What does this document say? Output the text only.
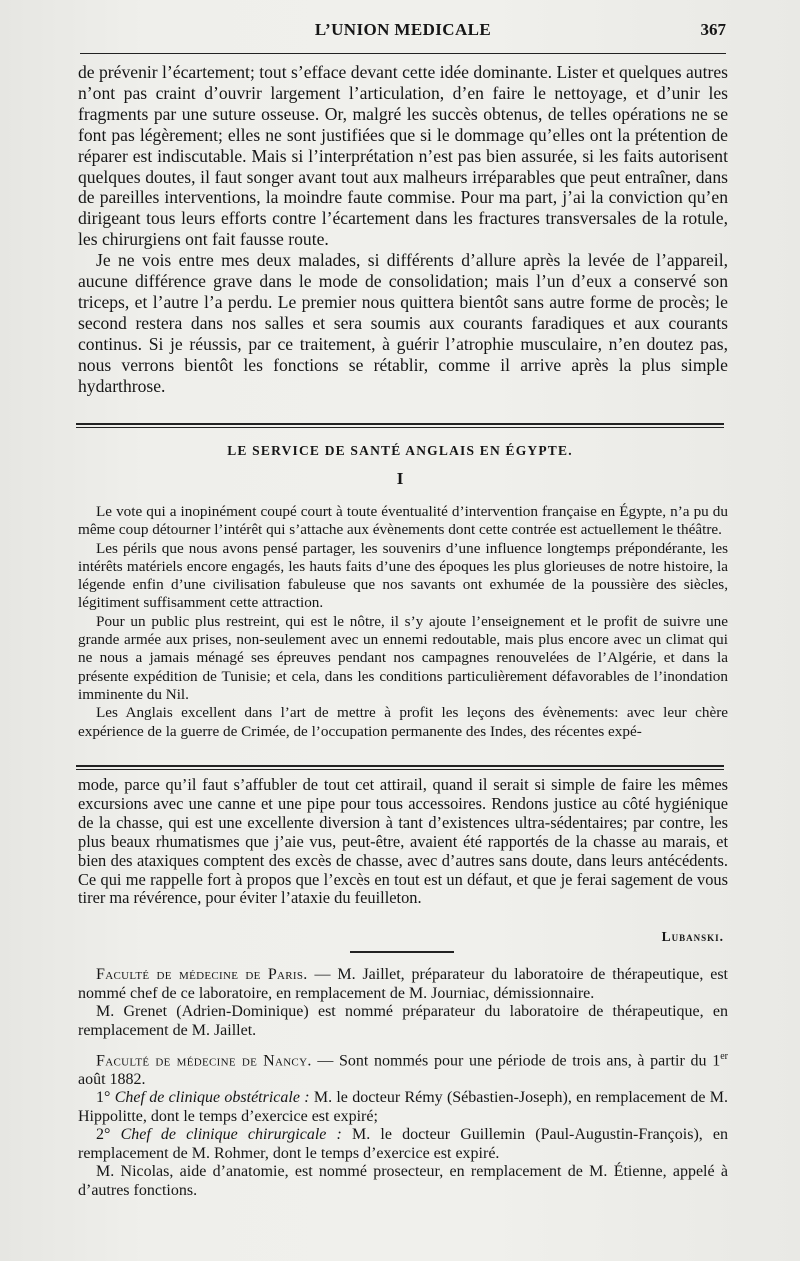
L’UNION MEDICALE	367

de prévenir l’écartement; tout s’efface devant cette idée dominante. Lister et quelques autres n’ont pas craint d’ouvrir largement l’articulation, d’en faire le nettoyage, et d’unir les fragments par une suture osseuse. Or, malgré les succès obtenus, de telles opérations ne se font pas légèrement; elles ne sont justifiées que si le dommage qu’elles ont la prétention de réparer est indiscutable. Mais si l’interprétation n’est pas bien assurée, si les faits autorisent quelques doutes, il faut songer avant tout aux malheurs irréparables que peut entraîner, dans de pareilles interventions, la moindre faute commise. Pour ma part, j’ai la conviction qu’en dirigeant tous leurs efforts contre l’écartement dans les fractures transversales de la rotule, les chirurgiens ont fait fausse route.

Je ne vois entre mes deux malades, si différents d’allure après la levée de l’appareil, aucune différence grave dans le mode de consolidation; mais l’un d’eux a conservé son triceps, et l’autre l’a perdu. Le premier nous quittera bientôt sans autre forme de procès; le second restera dans nos salles et sera soumis aux courants faradiques et aux courants continus. Si je réussis, par ce traitement, à guérir l’atrophie musculaire, n’en doutez pas, nous verrons bientôt les fonctions se rétablir, comme il arrive après la plus simple hydarthrose.

LE SERVICE DE SANTÉ ANGLAIS EN ÉGYPTE.
I

Le vote qui a inopinément coupé court à toute éventualité d’intervention française en Égypte, n’a pu du même coup détourner l’intérêt qui s’attache aux évènements dont cette contrée est actuellement le théâtre.

Les périls que nous avons pensé partager, les souvenirs d’une influence longtemps prépondérante, les intérêts matériels encore engagés, les hauts faits d’une des époques les plus glorieuses de notre histoire, la légende enfin d’une civilisation fabuleuse que nos savants ont exhumée de la poussière des siècles, légitiment suffisamment cette attraction.

Pour un public plus restreint, qui est le nôtre, il s’y ajoute l’enseignement et le profit de suivre une grande armée aux prises, non-seulement avec un ennemi redoutable, mais plus encore avec un climat qui ne nous a jamais ménagé ses épreuves pendant nos campagnes renouvelées de l’Algérie, et dans la présente expédition de Tunisie; et cela, dans les conditions particulièrement défavorables de l’inondation imminente du Nil.

Les Anglais excellent dans l’art de mettre à profit les leçons des évènements: avec leur chère expérience de la guerre de Crimée, de l’occupation permanente des Indes, des récentes expé-

mode, parce qu’il faut s’affubler de tout cet attirail, quand il serait si simple de faire les mêmes excursions avec une canne et une pipe pour tous accessoires. Rendons justice au côté hygiénique de la chasse, qui est une excellente diversion à tant d’existences ultra-sédentaires; par contre, les plus beaux rhumatismes que j’aie vus, peut-être, avaient été rapportés de la chasse au marais, et bien des ataxiques comptent des excès de chasse, avec d’autres sans doute, dans leurs antécédents. Ce qui me rappelle fort à propos que l’excès en tout est un défaut, et que je ferai sagement de vous tirer ma révérence, pour éviter l’ataxie du feuilleton.

Lubanski.

Faculté de médecine de Paris. — M. Jaillet, préparateur du laboratoire de thérapeutique, est nommé chef de ce laboratoire, en remplacement de M. Journiac, démissionnaire.

M. Grenet (Adrien-Dominique) est nommé préparateur du laboratoire de thérapeutique, en remplacement de M. Jaillet.

Faculté de médecine de Nancy. — Sont nommés pour une période de trois ans, à partir du 1er août 1882.

1° Chef de clinique obstétricale : M. le docteur Rémy (Sébastien-Joseph), en remplacement de M. Hippolitte, dont le temps d’exercice est expiré;

2° Chef de clinique chirurgicale : M. le docteur Guillemin (Paul-Augustin-François), en remplacement de M. Rohmer, dont le temps d’exercice est expiré.

M. Nicolas, aide d’anatomie, est nommé prosecteur, en remplacement de M. Étienne, appelé à d’autres fonctions.
